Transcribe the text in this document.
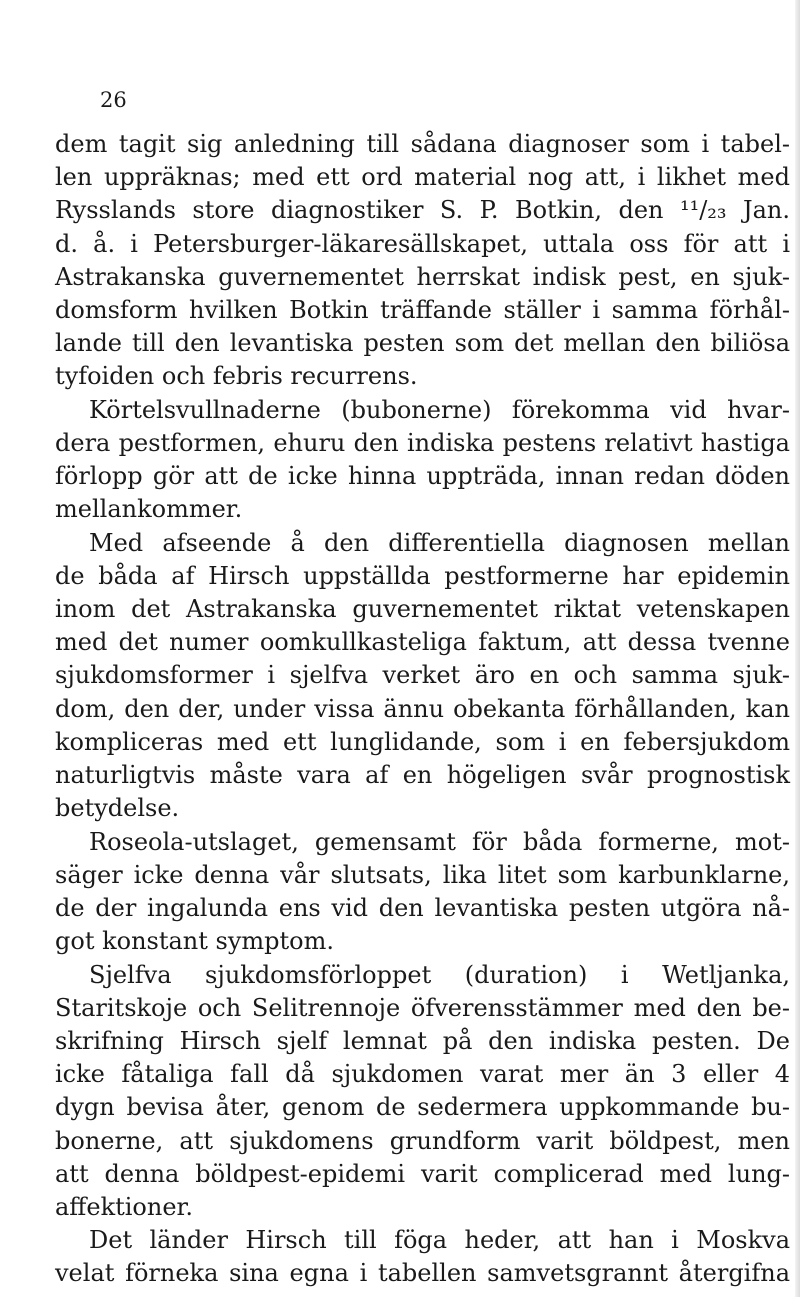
26
dem tagit sig anledning till sådana diagnoser som i tabel-
len uppräknas; med ett ord material nog att, i likhet med
Rysslands store diagnostiker S. P. Botkin, den ¹¹/₂₃ Jan.
d. å. i Petersburger-läkaresällskapet, uttala oss för att i
Astrakanska guvernementet herrskat indisk pest, en sjuk-
domsform hvilken Botkin träffande ställer i samma förhål-
lande till den levantiska pesten som det mellan den biliösa
tyfoiden och febris recurrens.
Körtelsvullnaderne (bubonerne) förekomma vid hvar-
dera pestformen, ehuru den indiska pestens relativt hastiga
förlopp gör att de icke hinna uppträda, innan redan döden
mellankommer.
Med afseende å den differentiella diagnosen mellan
de båda af Hirsch uppställda pestformerne har epidemin
inom det Astrakanska guvernementet riktat vetenskapen
med det numer oomkullkasteliga faktum, att dessa tvenne
sjukdomsformer i sjelfva verket äro en och samma sjuk-
dom, den der, under vissa ännu obekanta förhållanden, kan
kompliceras med ett lunglidande, som i en febersjukdom
naturligtvis måste vara af en högeligen svår prognostisk
betydelse.
Roseola-utslaget, gemensamt för båda formerne, mot-
säger icke denna vår slutsats, lika litet som karbunklarne,
de der ingalunda ens vid den levantiska pesten utgöra nå-
got konstant symptom.
Sjelfva sjukdomsförloppet (duration) i Wetljanka,
Staritskoje och Selitrennoje öfverensstämmer med den be-
skrifning Hirsch sjelf lemnat på den indiska pesten. De
icke fåtaliga fall då sjukdomen varat mer än 3 eller 4
dygn bevisa åter, genom de sedermera uppkommande bu-
bonerne, att sjukdomens grundform varit böldpest, men
att denna böldpest-epidemi varit complicerad med lung-
affektioner.
Det länder Hirsch till föga heder, att han i Moskva
velat förneka sina egna i tabellen samvetsgrannt återgifna
